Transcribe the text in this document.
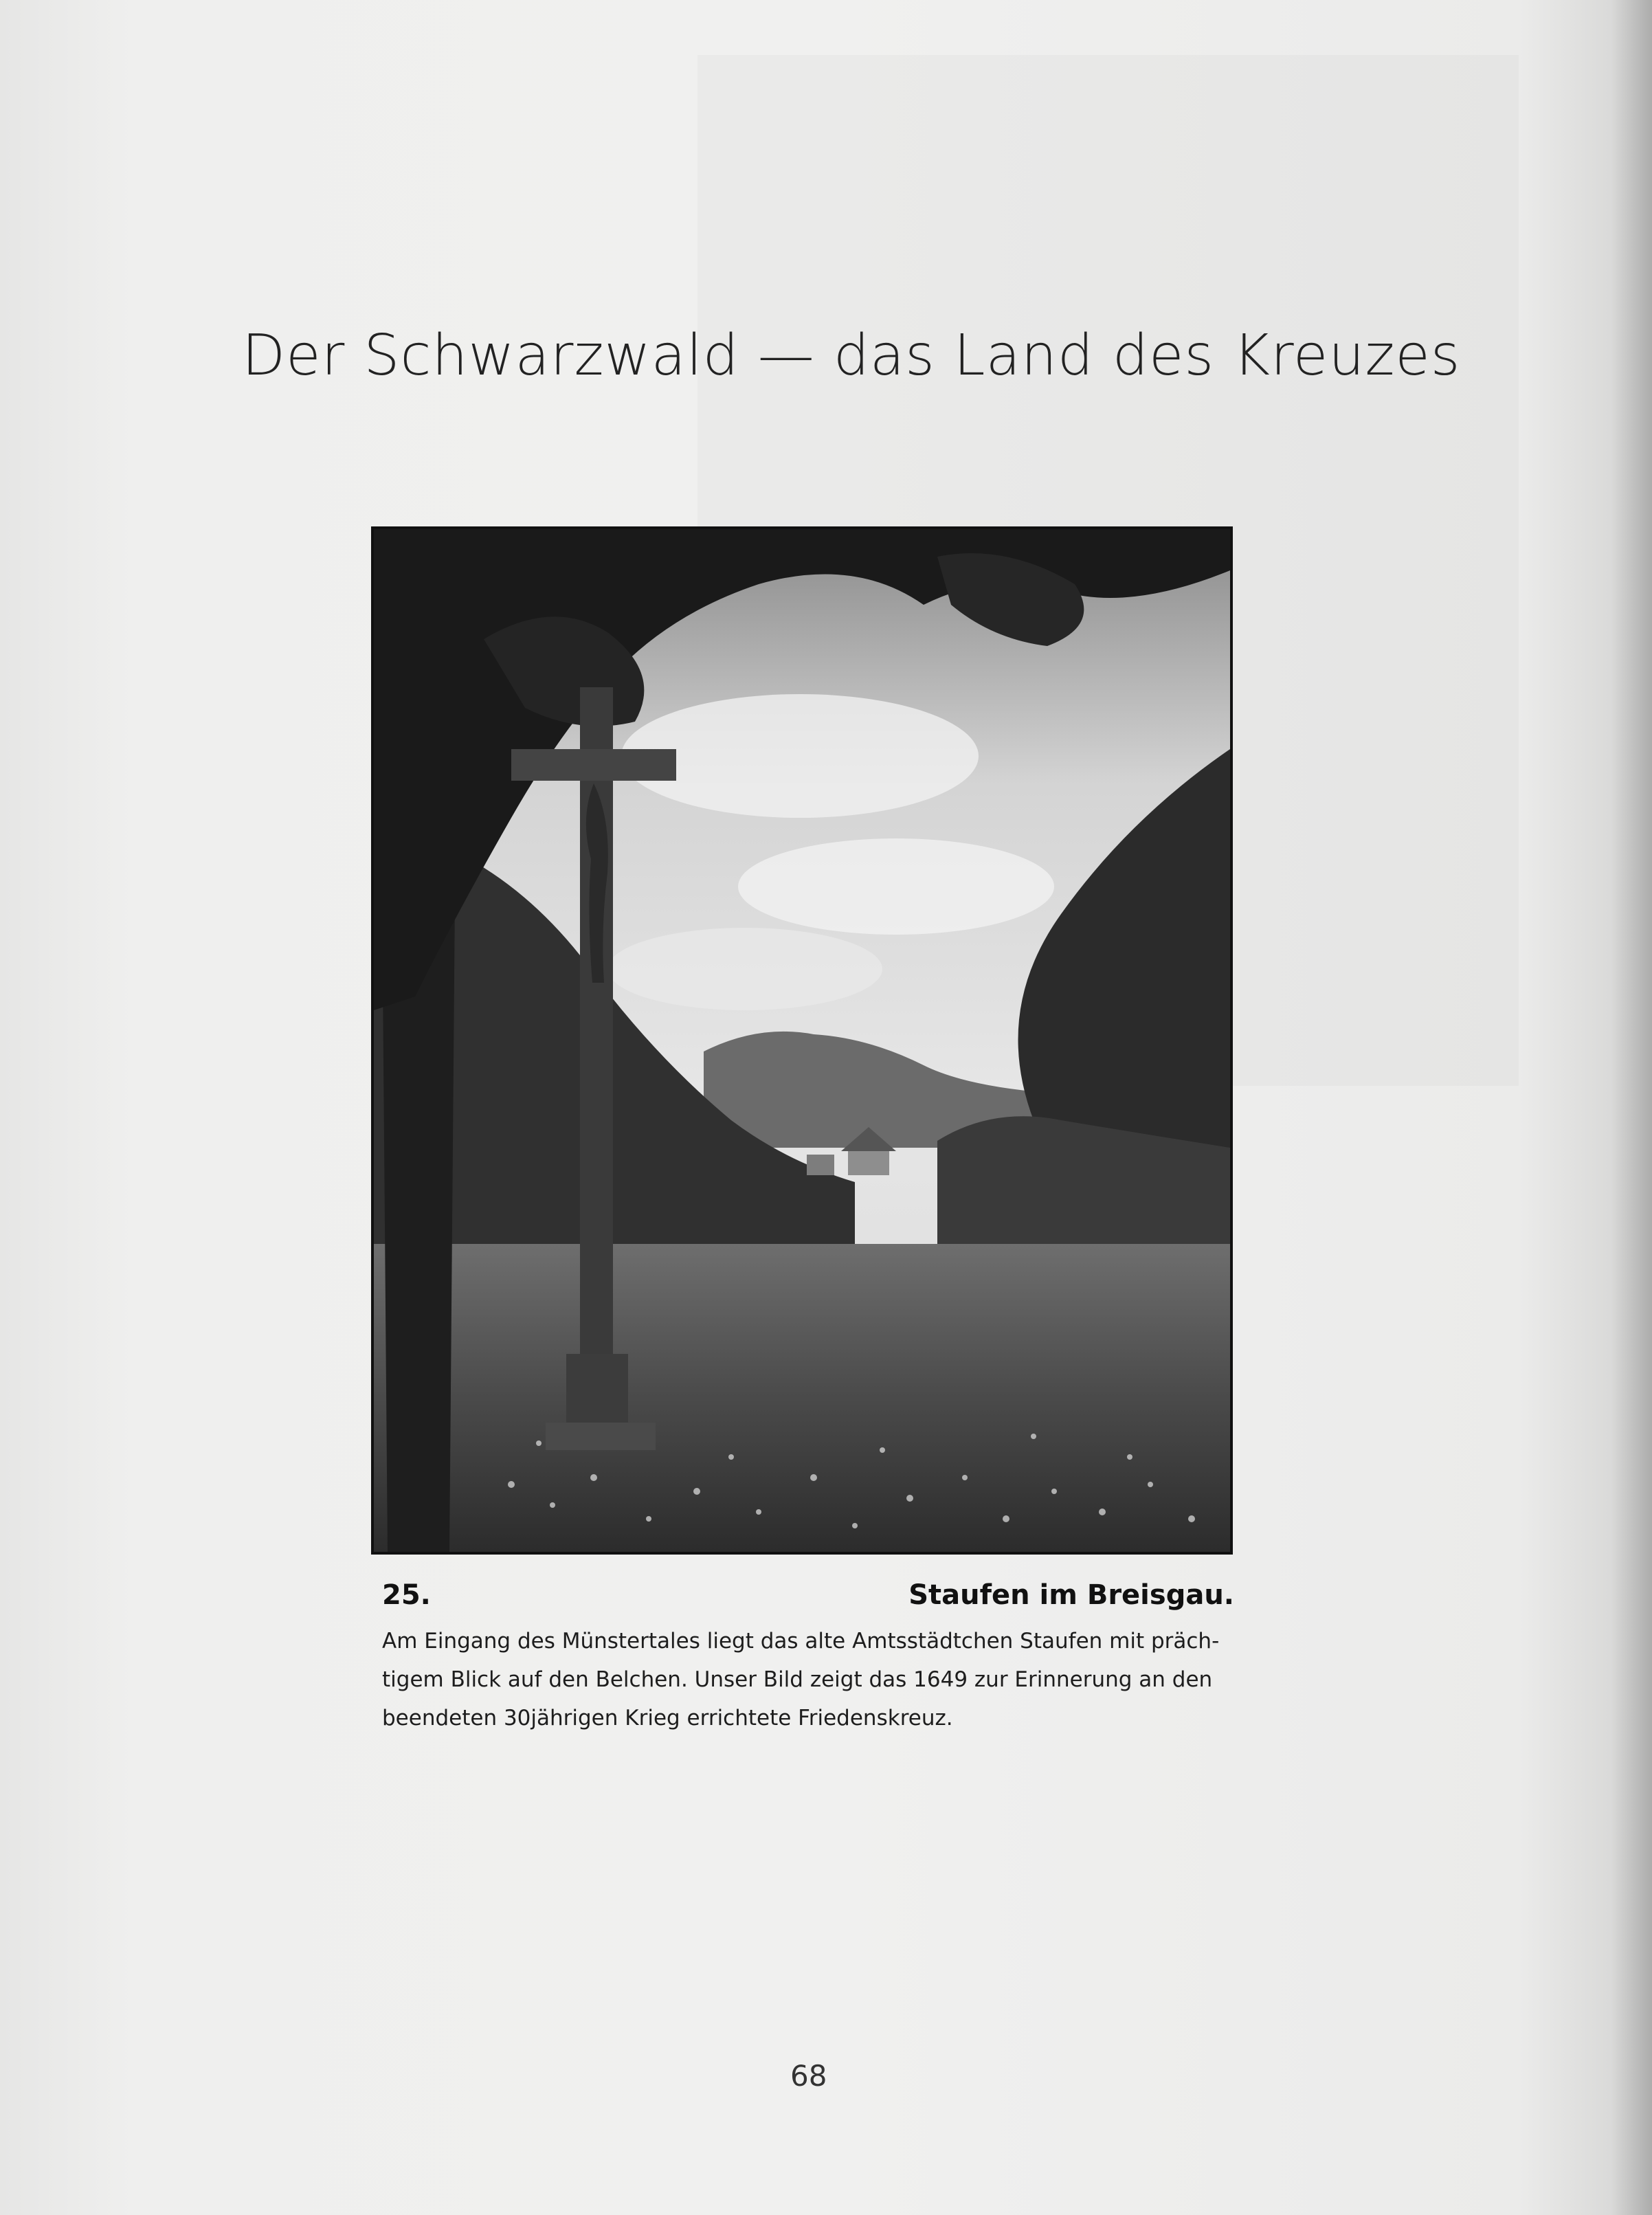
Der Schwarzwald — das Land des Kreuzes
25.	Staufen im Breisgau.
Am Eingang des Münstertales liegt das alte Amtsstädtchen Staufen mit präch-
tigem Blick auf den Belchen. Unser Bild zeigt das 1649 zur Erinnerung an den
beendeten 30jährigen Krieg errichtete Friedenskreuz.
68
